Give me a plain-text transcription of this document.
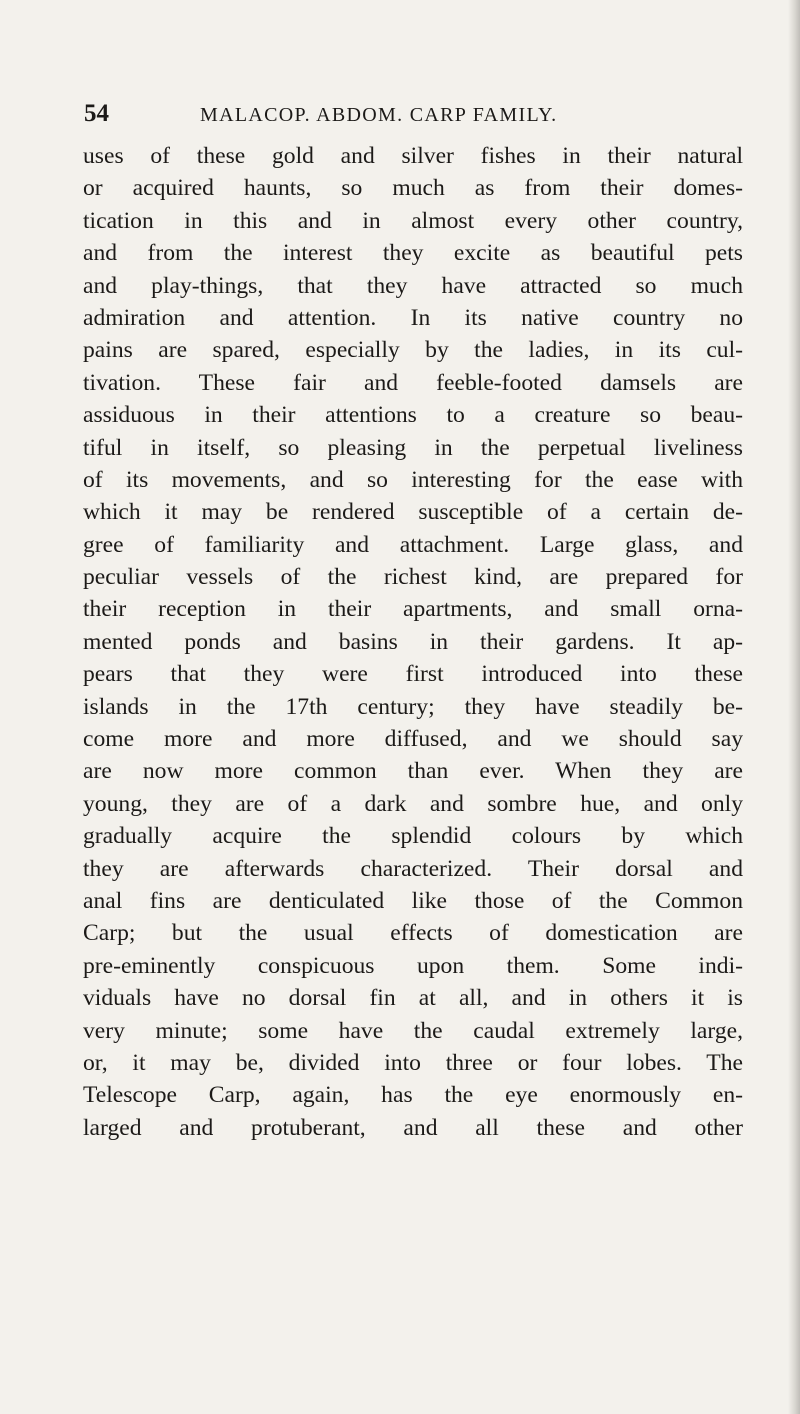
54	MALACOP. ABDOM. CARP FAMILY.
uses of these gold and silver fishes in their natural
or acquired haunts, so much as from their domes-
tication in this and in almost every other country,
and from the interest they excite as beautiful pets
and play-things, that they have attracted so much
admiration and attention. In its native country no
pains are spared, especially by the ladies, in its cul-
tivation. These fair and feeble-footed damsels are
assiduous in their attentions to a creature so beau-
tiful in itself, so pleasing in the perpetual liveliness
of its movements, and so interesting for the ease with
which it may be rendered susceptible of a certain de-
gree of familiarity and attachment. Large glass, and
peculiar vessels of the richest kind, are prepared for
their reception in their apartments, and small orna-
mented ponds and basins in their gardens. It ap-
pears that they were first introduced into these
islands in the 17th century; they have steadily be-
come more and more diffused, and we should say
are now more common than ever. When they are
young, they are of a dark and sombre hue, and only
gradually acquire the splendid colours by which
they are afterwards characterized. Their dorsal and
anal fins are denticulated like those of the Common
Carp; but the usual effects of domestication are
pre-eminently conspicuous upon them. Some indi-
viduals have no dorsal fin at all, and in others it is
very minute; some have the caudal extremely large,
or, it may be, divided into three or four lobes. The
Telescope Carp, again, has the eye enormously en-
larged and protuberant, and all these and other
